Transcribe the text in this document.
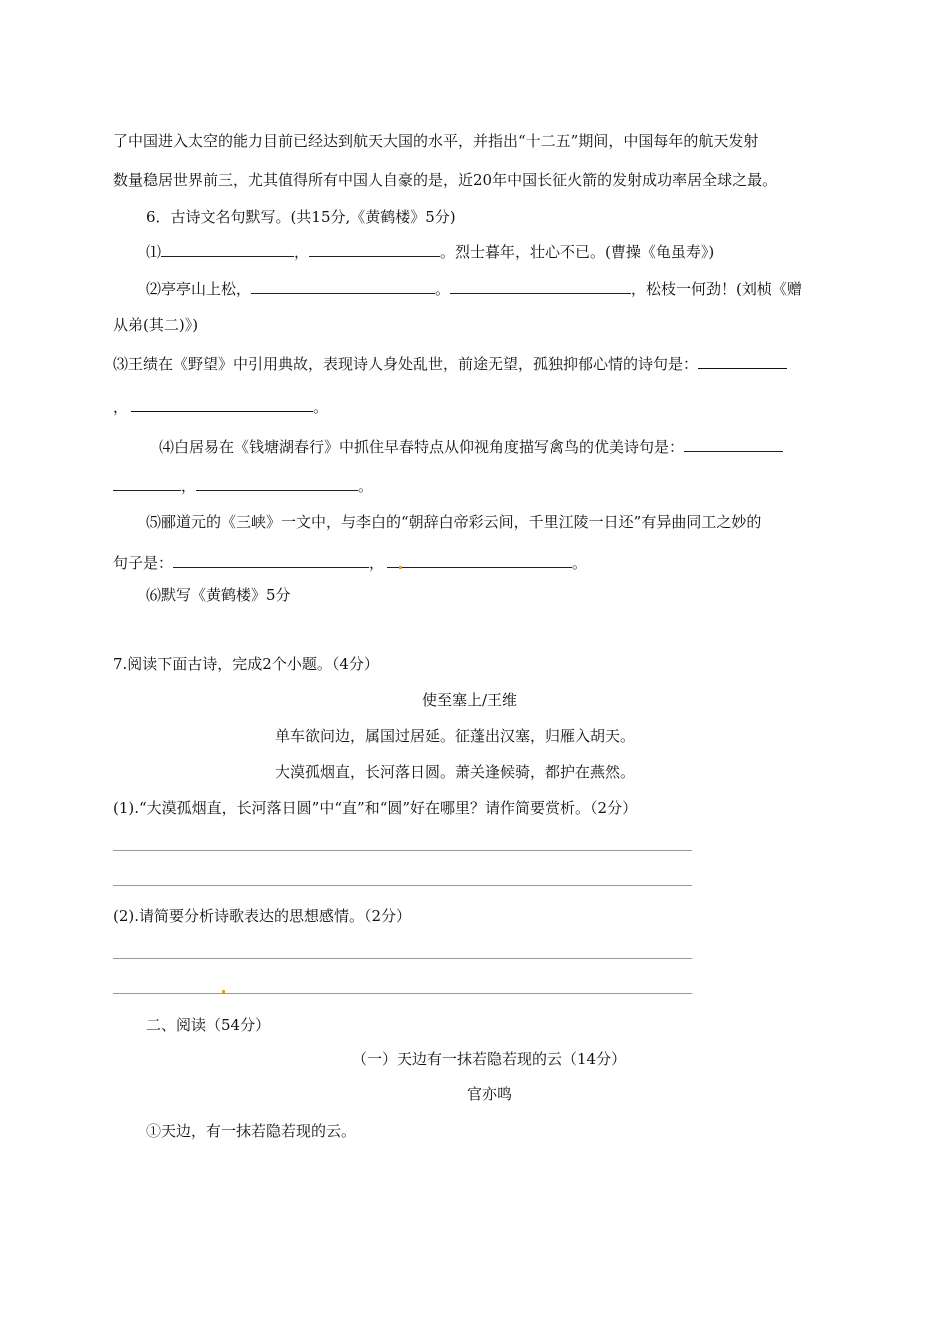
了中国进入太空的能力目前已经达到航天大国的水平，并指出“十二五”期间，中国每年的航天发射
数量稳居世界前三，尤其值得所有中国人自豪的是，近20年中国长征火箭的发射成功率居全球之最。
6．古诗文名句默写。(共15分,《黄鹤楼》5分)
⑴	，	。烈士暮年，壮心不已。(曹操《龟虽寿》)
⑵亭亭山上松，	。	，松枝一何劲！(刘桢《赠
从弟(其二)》)
⑶王绩在《野望》中引用典故，表现诗人身处乱世，前途无望，孤独抑郁心情的诗句是：
，	。
⑷白居易在《钱塘湖春行》中抓住早春特点从仰视角度描写禽鸟的优美诗句是：
，	。
⑸郦道元的《三峡》一文中，与李白的“朝辞白帝彩云间，千里江陵一日还”有异曲同工之妙的
句子是：	，	。
⑹默写《黄鹤楼》5分
7.阅读下面古诗，完成2个小题。（4分）
使至塞上/王维
单车欲问边，属国过居延。征蓬出汉塞，归雁入胡天。
大漠孤烟直，长河落日圆。萧关逢候骑，都护在燕然。
(1).“大漠孤烟直，长河落日圆”中“直”和“圆”好在哪里？请作简要赏析。（2分）
(2).请简要分析诗歌表达的思想感情。（2分）
二、阅读（54分）
（一）天边有一抹若隐若现的云（14分）
官亦鸣
①天边，有一抹若隐若现的云。
